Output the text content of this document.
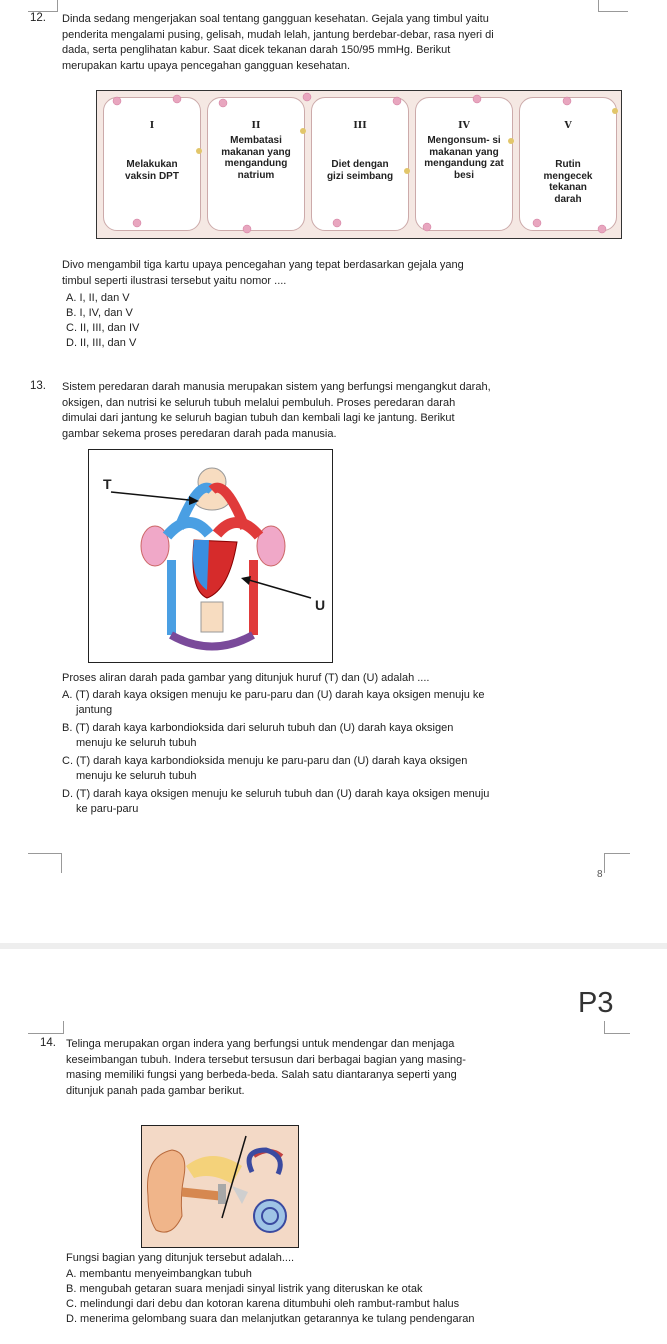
12. Dinda sedang mengerjakan soal tentang gangguan kesehatan. Gejala yang timbul yaitu
penderita mengalami pusing, gelisah, mudah lelah, jantung berdebar-debar, rasa nyeri di
dada, serta penglihatan kabur. Saat dicek tekanan darah 150/95 mmHg. Berikut
merupakan kartu upaya pencegahan gangguan kesehatan.
I
Melakukan vaksin DPT
II
Membatasi makanan yang mengandung natrium
III
Diet dengan gizi seimbang
IV
Mengonsum- si makanan yang mengandung zat besi
V
Rutin mengecek tekanan darah
Divo mengambil tiga kartu upaya pencegahan yang tepat berdasarkan gejala yang
timbul seperti ilustrasi tersebut yaitu nomor ....
A. I, II, dan V
B. I, IV, dan V
C. II, III, dan IV
D. II, III, dan V
13. Sistem peredaran darah manusia merupakan sistem yang berfungsi mengangkut darah,
oksigen, dan nutrisi ke seluruh tubuh melalui pembuluh. Proses peredaran darah
dimulai dari jantung ke seluruh bagian tubuh dan kembali lagi ke jantung. Berikut
gambar sekema proses peredaran darah pada manusia.
T
U
Proses aliran darah pada gambar yang ditunjuk huruf (T) dan (U) adalah ....
A. (T) darah kaya oksigen menuju ke paru-paru dan (U) darah kaya oksigen menuju ke
jantung
B. (T) darah kaya karbondioksida dari seluruh tubuh dan (U) darah kaya oksigen
menuju ke seluruh tubuh
C. (T) darah kaya karbondioksida menuju ke paru-paru dan (U) darah kaya oksigen
menuju ke seluruh tubuh
D. (T) darah kaya oksigen menuju ke seluruh tubuh dan (U) darah kaya oksigen menuju
ke paru-paru
8
P3
14. Telinga merupakan organ indera yang berfungsi untuk mendengar dan menjaga
keseimbangan tubuh. Indera tersebut tersusun dari berbagai bagian yang masing-
masing memiliki fungsi yang berbeda-beda. Salah satu diantaranya seperti yang
ditunjuk panah pada gambar berikut.
Fungsi bagian yang ditunjuk tersebut adalah....
A. membantu menyeimbangkan tubuh
B. mengubah getaran suara menjadi sinyal listrik yang diteruskan ke otak
C. melindungi dari debu dan kotoran karena ditumbuhi oleh rambut-rambut halus
D. menerima gelombang suara dan melanjutkan getarannya ke tulang pendengaran
